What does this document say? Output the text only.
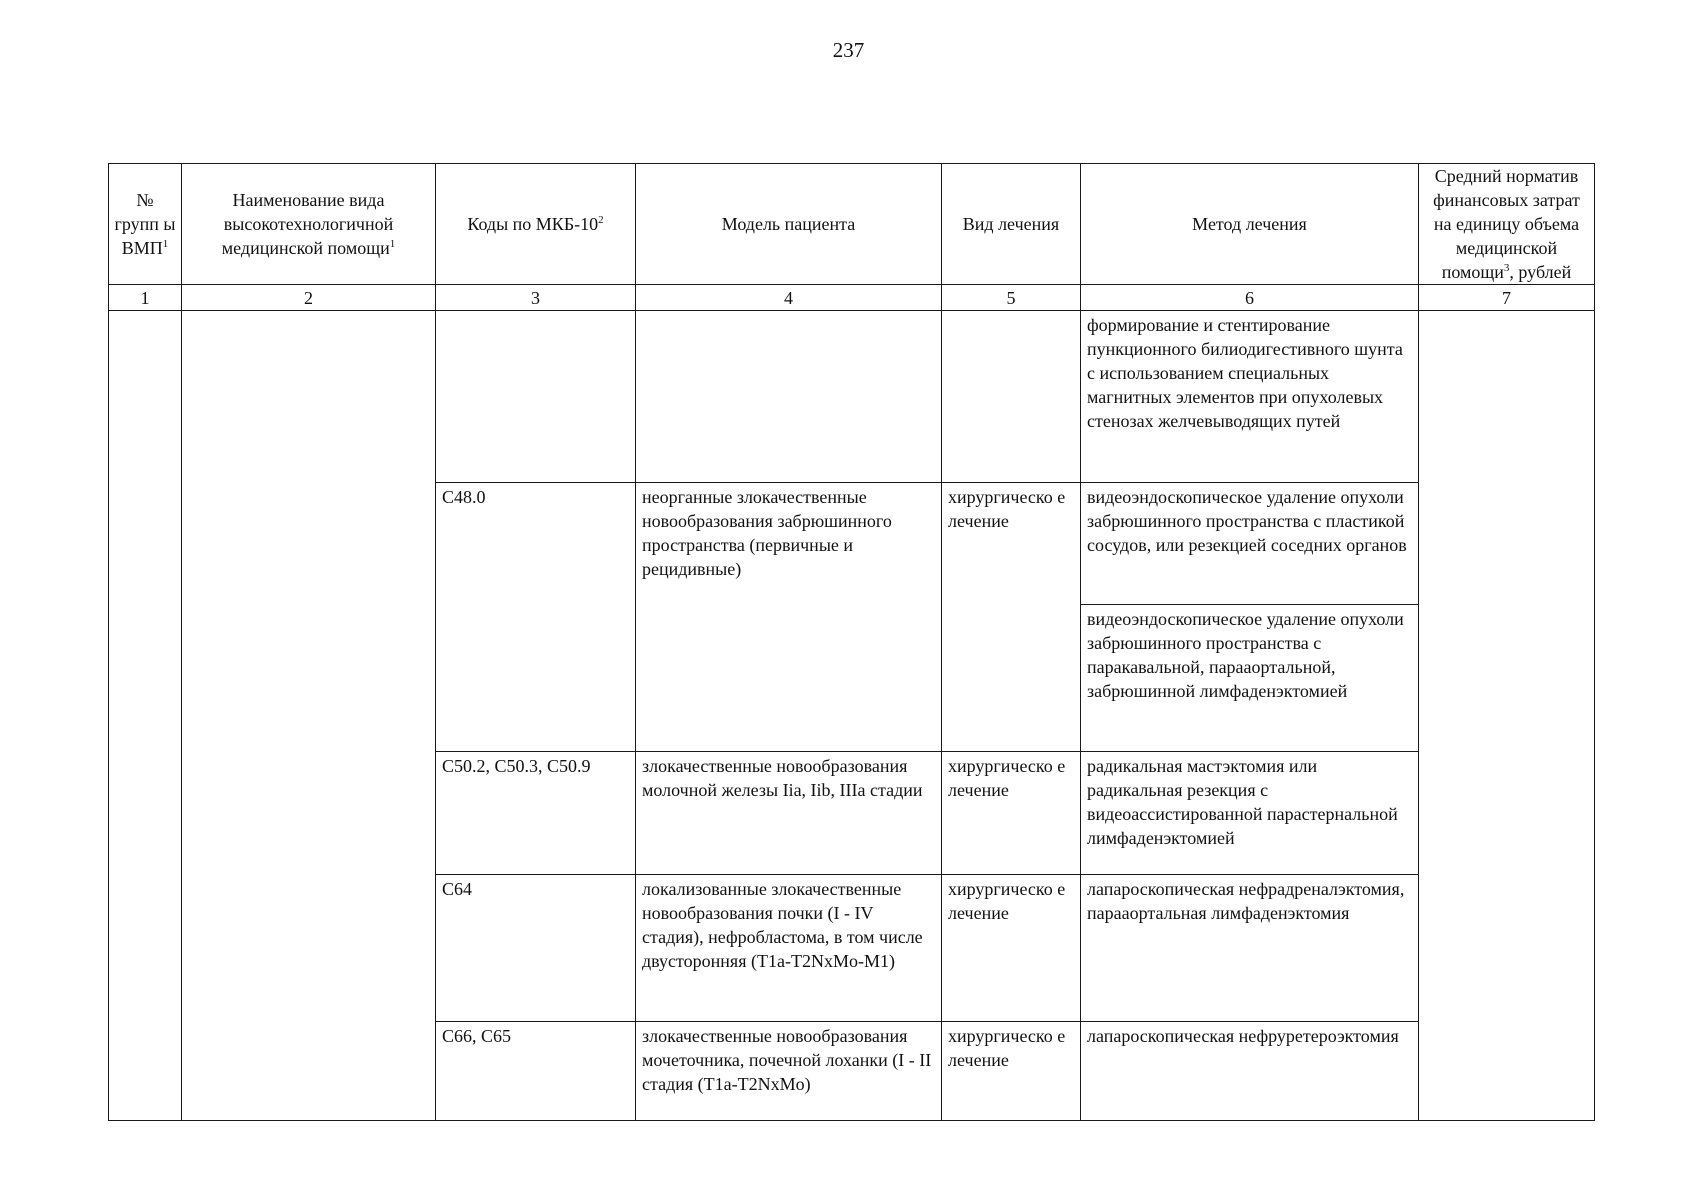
237
№ групп ы ВМП$^1$	Наименование вида высокотехнологичной медицинской помощи$^1$	Коды по МКБ-$10^2$	Модель пациента	Вид лечения	Метод лечения	Средний норматив финансовых затрат на единицу объема медицинской помощи$^3$, рублей
1	2	3	4	5	6	7
					формирование и стентирование пункционного билиодигестивного шунта с использованием специальных магнитных элементов при опухолевых стенозах желчевыводящих путей	
		C48.0	неорганные злокачественные новообразования забрюшинного пространства (первичные и рецидивные)	хирургическо е лечение	видеоэндоскопическое удаление опухоли забрюшинного пространства с пластикой сосудов, или резекцией соседних органов	
					видеоэндоскопическое удаление опухоли забрюшинного пространства с паракавальной, парааортальной, забрюшинной лимфаденэктомией	
		C50.2, C50.3, C50.9	злокачественные новообразования молочной железы Iia, Iib, IIIa стадии	хирургическо е лечение	радикальная мастэктомия или радикальная резекция с видеоассистированной парастернальной лимфаденэктомией	
		C64	локализованные злокачественные новообразования почки (I - IV стадия), нефробластома, в том числе двусторонняя (T1a-T2NxMo-M1)	хирургическо е лечение	лапароскопическая нефрадреналэктомия, парааортальная лимфаденэктомия	
		C66, C65	злокачественные новообразования мочеточника, почечной лоханки (I - II стадия (T1a-T2NxMo)	хирургическо е лечение	лапароскопическая нефруретероэктомия	
